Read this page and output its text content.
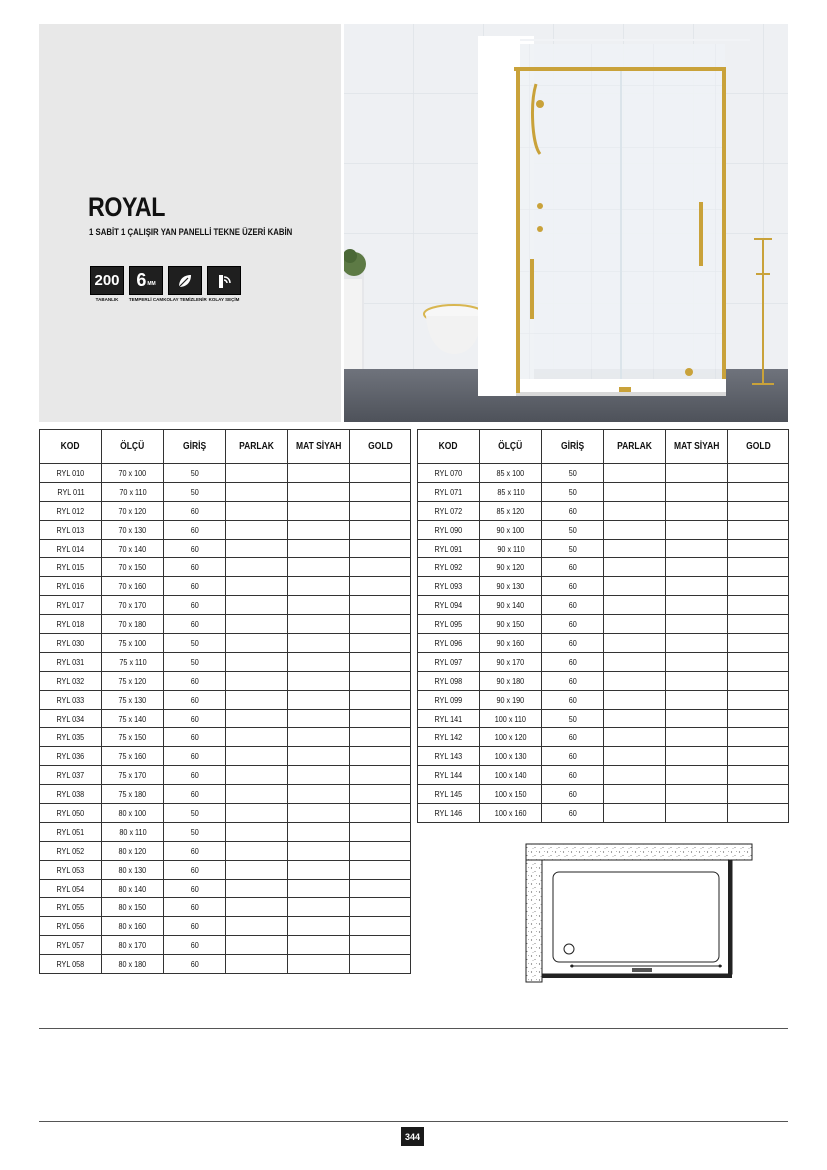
ROYAL
1 SABİT 1 ÇALIŞIR YAN PANELLİ TEKNE ÜZERİ KABİN
200
TABANLIK
6 MM
TEMPERLİ CAM KOLAY TEMİZLENİR KOLAY SEÇİM
KOD	ÖLÇÜ	GİRİŞ	PARLAK	MAT SİYAH	GOLD
RYL 010	70 x 100	50			
RYL 011	70 x 110	50			
RYL 012	70 x 120	60			
RYL 013	70 x 130	60			
RYL 014	70 x 140	60			
RYL 015	70 x 150	60			
RYL 016	70 x 160	60			
RYL 017	70 x 170	60			
RYL 018	70 x 180	60			
RYL 030	75 x 100	50			
RYL 031	75 x 110	50			
RYL 032	75 x 120	60			
RYL 033	75 x 130	60			
RYL 034	75 x 140	60			
RYL 035	75 x 150	60			
RYL 036	75 x 160	60			
RYL 037	75 x 170	60			
RYL 038	75 x 180	60			
RYL 050	80 x 100	50			
RYL 051	80 x 110	50			
RYL 052	80 x 120	60			
RYL 053	80 x 130	60			
RYL 054	80 x 140	60			
RYL 055	80 x 150	60			
RYL 056	80 x 160	60			
RYL 057	80 x 170	60			
RYL 058	80 x 180	60			
KOD	ÖLÇÜ	GİRİŞ	PARLAK	MAT SİYAH	GOLD
RYL 070	85 x 100	50			
RYL 071	85 x 110	50			
RYL 072	85 x 120	60			
RYL 090	90 x 100	50			
RYL 091	90 x 110	50			
RYL 092	90 x 120	60			
RYL 093	90 x 130	60			
RYL 094	90 x 140	60			
RYL 095	90 x 150	60			
RYL 096	90 x 160	60			
RYL 097	90 x 170	60			
RYL 098	90 x 180	60			
RYL 099	90 x 190	60			
RYL 141	100 x 110	50			
RYL 142	100 x 120	60			
RYL 143	100 x 130	60			
RYL 144	100 x 140	60			
RYL 145	100 x 150	60			
RYL 146	100 x 160	60			
344
